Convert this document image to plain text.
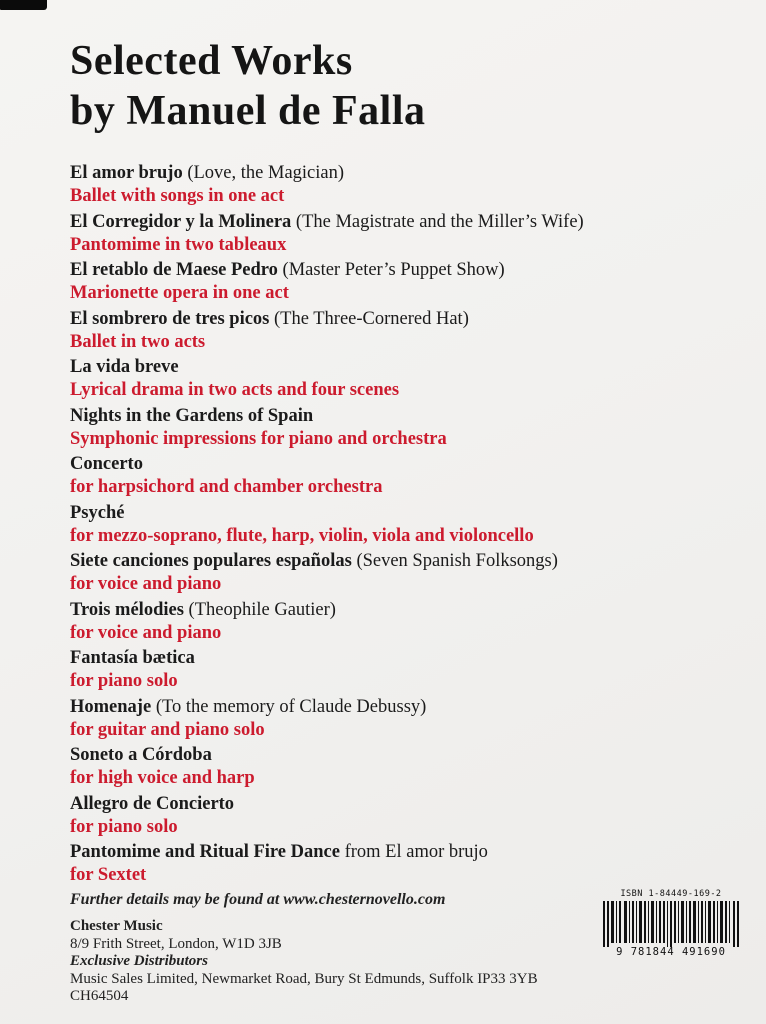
Selected Works
by Manuel de Falla
El amor brujo (Love, the Magician)
Ballet with songs in one act
El Corregidor y la Molinera (The Magistrate and the Miller’s Wife)
Pantomime in two tableaux
El retablo de Maese Pedro (Master Peter’s Puppet Show)
Marionette opera in one act
El sombrero de tres picos (The Three-Cornered Hat)
Ballet in two acts
La vida breve
Lyrical drama in two acts and four scenes
Nights in the Gardens of Spain
Symphonic impressions for piano and orchestra
Concerto
for harpsichord and chamber orchestra
Psyché
for mezzo-soprano, flute, harp, violin, viola and violoncello
Siete canciones populares españolas (Seven Spanish Folksongs)
for voice and piano
Trois mélodies (Theophile Gautier)
for voice and piano
Fantasía bætica
for piano solo
Homenaje (To the memory of Claude Debussy)
for guitar and piano solo
Soneto a Córdoba
for high voice and harp
Allegro de Concierto
for piano solo
Pantomime and Ritual Fire Dance from El amor brujo
for Sextet
Further details may be found at www.chesternovello.com
Chester Music
8/9 Frith Street, London, W1D 3JB
Exclusive Distributors
Music Sales Limited, Newmarket Road, Bury St Edmunds, Suffolk IP33 3YB
CH64504
ISBN 1-84449-169-2
9 781844 491690
